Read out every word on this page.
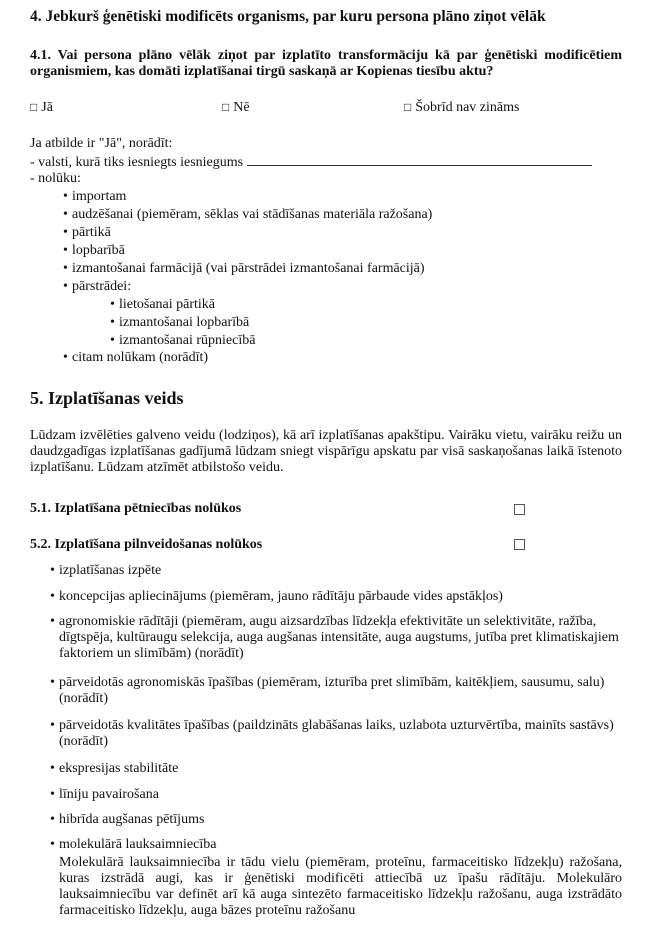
4. Jebkurš ģenētiski modificēts organisms, par kuru persona plāno ziņot vēlāk
4.1. Vai persona plāno vēlāk ziņot par izplatīto transformāciju kā par ģenētiski modificētiem organismiem, kas domāti izplatīšanai tirgū saskaņā ar Kopienas tiesību aktu?
□ Jā	□ Nē	□ Šobrīd nav zināms
Ja atbilde ir "Jā", norādīt:
- valsti, kurā tiks iesniegts iesniegums
- nolūku:
• importam
• audzēšanai (piemēram, sēklas vai stādīšanas materiāla ražošana)
• pārtikā
• lopbarībā
• izmantošanai farmācijā (vai pārstrādei izmantošanai farmācijā)
• pārstrādei:
• lietošanai pārtikā
• izmantošanai lopbarībā
• izmantošanai rūpniecībā
• citam nolūkam (norādīt)
5. Izplatīšanas veids
Lūdzam izvēlēties galveno veidu (lodziņos), kā arī izplatīšanas apakštipu. Vairāku vietu, vairāku reižu un daudzgadīgas izplatīšanas gadījumā lūdzam sniegt vispārīgu apskatu par visā saskaņošanas laikā īstenoto izplatīšanu. Lūdzam atzīmēt atbilstošo veidu.
5.1. Izplatīšana pētniecības nolūkos
5.2. Izplatīšana pilnveidošanas nolūkos
• izplatīšanas izpēte
• koncepcijas apliecinājums (piemēram, jauno rādītāju pārbaude vides apstākļos)
• agronomiskie rādītāji (piemēram, augu aizsardzības līdzekļa efektivitāte un selektivitāte, ražība, dīgtspēja, kultūraugu selekcija, auga augšanas intensitāte, auga augstums, jutība pret klimatiskajiem faktoriem un slimībām) (norādīt)
• pārveidotās agronomiskās īpašības (piemēram, izturība pret slimībām, kaitēkļiem, sausumu, salu) (norādīt)
• pārveidotās kvalitātes īpašības (paildzināts glabāšanas laiks, uzlabota uzturvērtība, mainīts sastāvs) (norādīt)
• ekspresijas stabilitāte
• līniju pavairošana
• hibrīda augšanas pētījums
• molekulārā lauksaimniecība
Molekulārā lauksaimniecība ir tādu vielu (piemēram, proteīnu, farmaceitisko līdzekļu) ražošana, kuras izstrādā augi, kas ir ģenētiski modificēti attiecībā uz īpašu rādītāju. Molekulāro lauksaimniecību var definēt arī kā auga sintezēto farmaceitisko līdzekļu ražošanu, auga izstrādāto farmaceitisko līdzekļu, auga bāzes proteīnu ražošanu
